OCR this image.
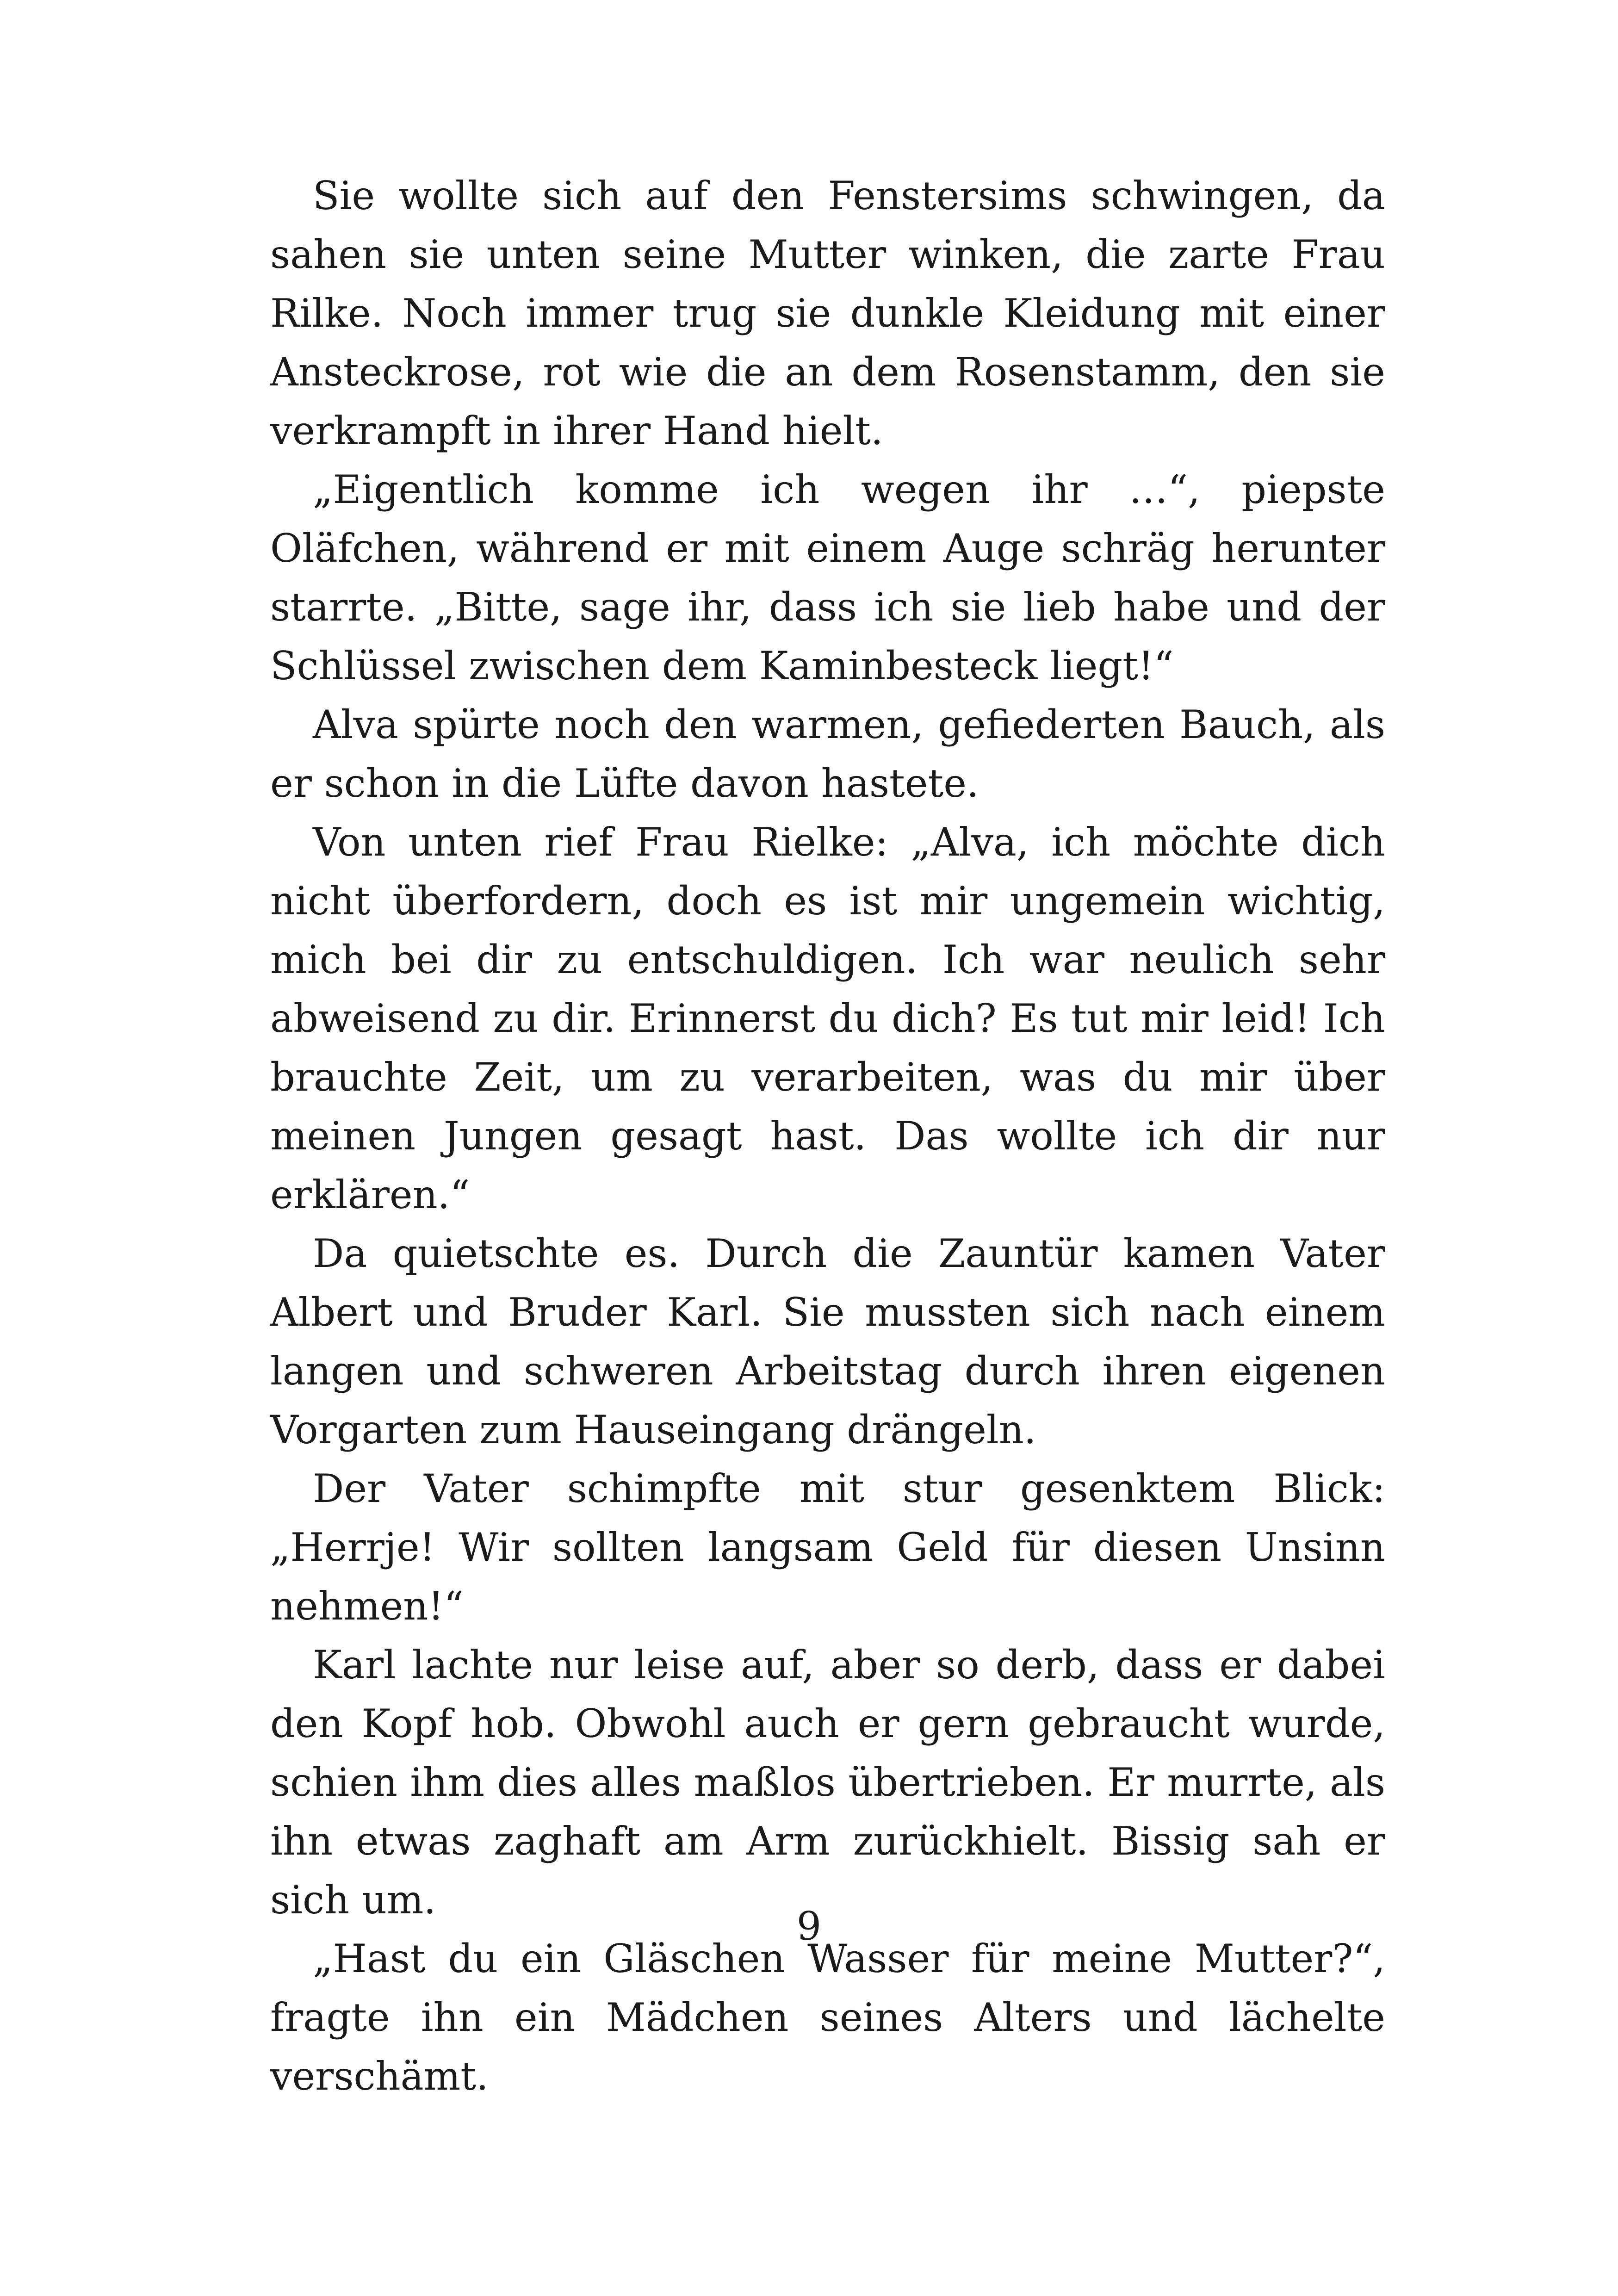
Sie wollte sich auf den Fenstersims schwingen, da sahen sie unten seine Mutter winken, die zarte Frau Rilke. Noch immer trug sie dunkle Kleidung mit einer Ansteckrose, rot wie die an dem Rosenstamm, den sie verkrampft in ihrer Hand hielt.

„Eigentlich komme ich wegen ihr …“, piepste Oläfchen, während er mit einem Auge schräg herunter starrte. „Bitte, sage ihr, dass ich sie lieb habe und der Schlüssel zwischen dem Kaminbesteck liegt!“

Alva spürte noch den warmen, gefiederten Bauch, als er schon in die Lüfte davon hastete.

Von unten rief Frau Rielke: „Alva, ich möchte dich nicht überfordern, doch es ist mir ungemein wichtig, mich bei dir zu entschuldigen. Ich war neulich sehr abweisend zu dir. Erinnerst du dich? Es tut mir leid! Ich brauchte Zeit, um zu verarbeiten, was du mir über meinen Jungen gesagt hast. Das wollte ich dir nur erklären.“

Da quietschte es. Durch die Zauntür kamen Vater Albert und Bruder Karl. Sie mussten sich nach einem langen und schweren Arbeitstag durch ihren eigenen Vorgarten zum Hauseingang drängeln.

Der Vater schimpfte mit stur gesenktem Blick: „Herrje! Wir sollten langsam Geld für diesen Unsinn nehmen!“

Karl lachte nur leise auf, aber so derb, dass er dabei den Kopf hob. Obwohl auch er gern gebraucht wurde, schien ihm dies alles maßlos übertrieben. Er murrte, als ihn etwas zaghaft am Arm zurückhielt. Bissig sah er sich um.

„Hast du ein Gläschen Wasser für meine Mutter?“, fragte ihn ein Mädchen seines Alters und lächelte verschämt.

9
